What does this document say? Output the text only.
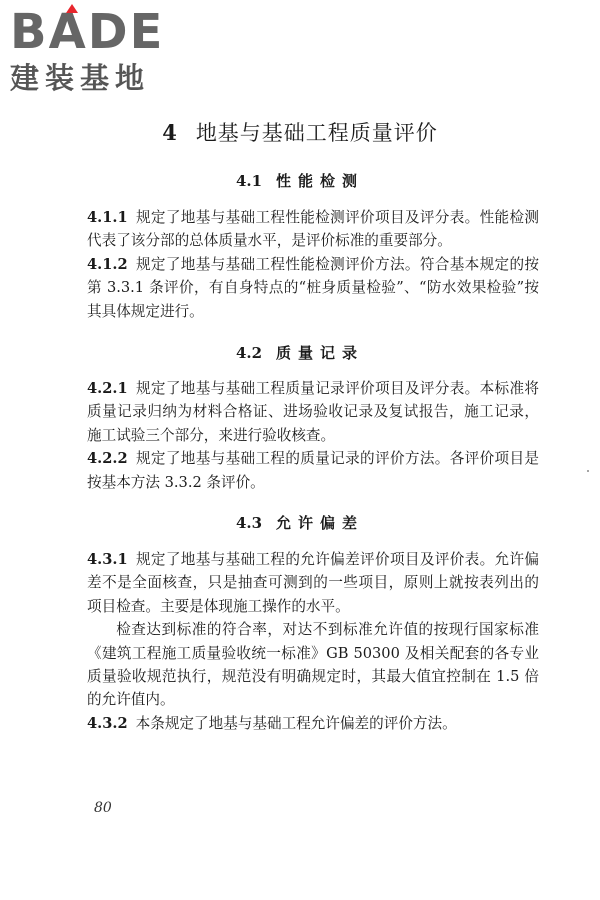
BADE
建装基地
4 地基与基础工程质量评价
4.1 性能检测
4.1.1 规定了地基与基础工程性能检测评价项目及评分表。性能检测代表了该分部的总体质量水平，是评价标准的重要部分。
4.1.2 规定了地基与基础工程性能检测评价方法。符合基本规定的按第 3.3.1 条评价，有自身特点的“桩身质量检验”、“防水效果检验”按其具体规定进行。
4.2 质量记录
4.2.1 规定了地基与基础工程质量记录评价项目及评分表。本标准将质量记录归纳为材料合格证、进场验收记录及复试报告，施工记录，施工试验三个部分，来进行验收核查。
4.2.2 规定了地基与基础工程的质量记录的评价方法。各评价项目是按基本方法 3.3.2 条评价。
4.3 允许偏差
4.3.1 规定了地基与基础工程的允许偏差评价项目及评价表。允许偏差不是全面核查，只是抽查可测到的一些项目，原则上就按表列出的项目检查。主要是体现施工操作的水平。
检查达到标准的符合率，对达不到标准允许值的按现行国家标准《建筑工程施工质量验收统一标准》GB 50300 及相关配套的各专业质量验收规范执行，规范没有明确规定时，其最大值宜控制在 1.5 倍的允许值内。
4.3.2 本条规定了地基与基础工程允许偏差的评价方法。
80
